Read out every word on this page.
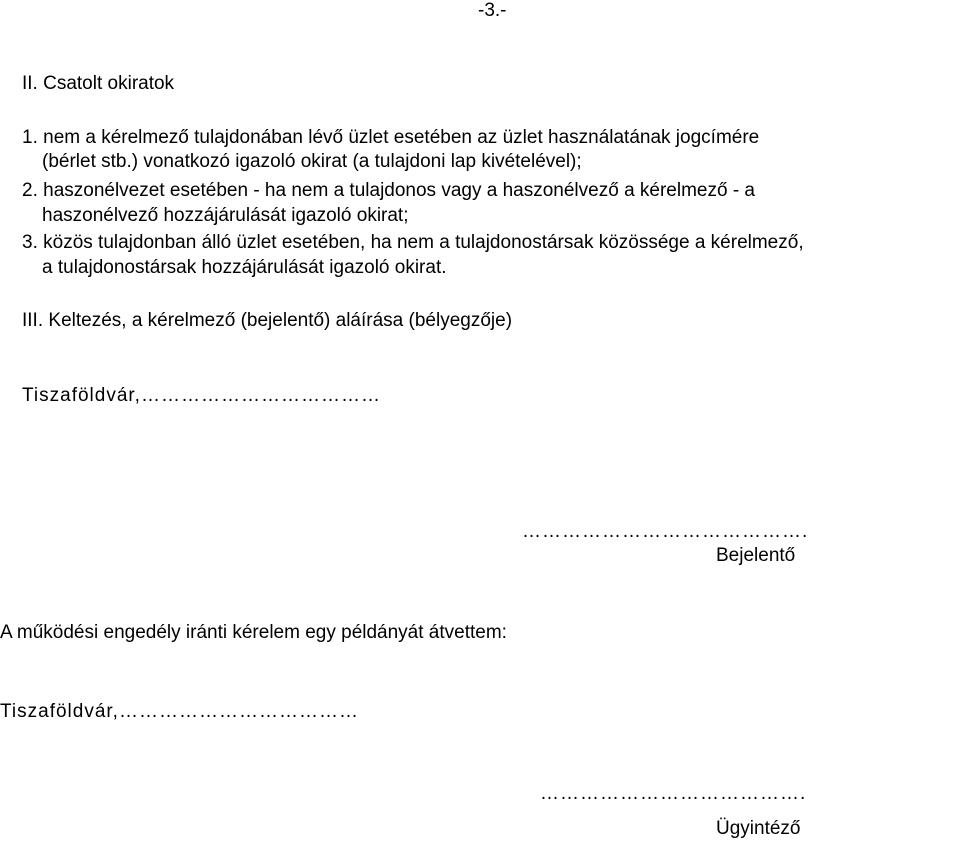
-3.-
II. Csatolt okiratok
1. nem a kérelmező tulajdonában lévő üzlet esetében az üzlet használatának jogcímére
(bérlet stb.) vonatkozó igazoló okirat (a tulajdoni lap kivételével);
2. haszonélvezet esetében - ha nem a tulajdonos vagy a haszonélvező a kérelmező - a
haszonélvező hozzájárulását igazoló okirat;
3. közös tulajdonban álló üzlet esetében, ha nem a tulajdonostársak közössége a kérelmező,
a tulajdonostársak hozzájárulását igazoló okirat.
III. Keltezés, a kérelmező (bejelentő) aláírása (bélyegzője)
Tiszaföldvár,………………………………
…………………………………….
Bejelentő
A működési engedély iránti kérelem egy példányát átvettem:
Tiszaföldvár,………………………………
………………………………….
Ügyintéző
